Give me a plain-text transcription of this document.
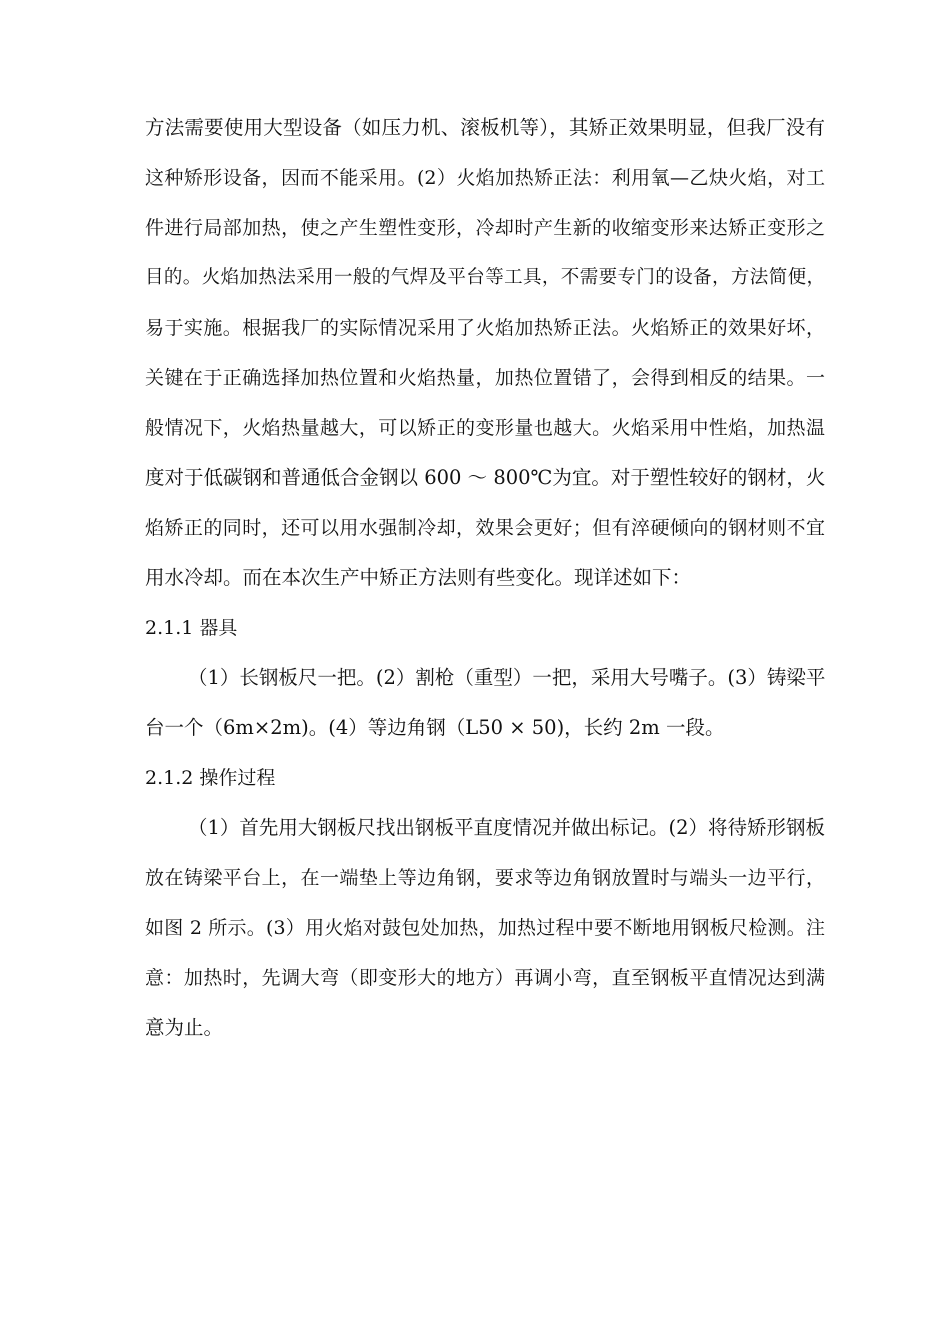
方法需要使用大型设备（如压力机、滚板机等），其矫正效果明显，但我厂没有
这种矫形设备，因而不能采用。(2）火焰加热矫正法：利用氧—乙炔火焰，对工
件进行局部加热，使之产生塑性变形，冷却时产生新的收缩变形来达矫正变形之
目的。火焰加热法采用一般的气焊及平台等工具，不需要专门的设备，方法简便，
易于实施。根据我厂的实际情况采用了火焰加热矫正法。火焰矫正的效果好坏，
关键在于正确选择加热位置和火焰热量，加热位置错了，会得到相反的结果。一
般情况下，火焰热量越大，可以矫正的变形量也越大。火焰采用中性焰，加热温
度对于低碳钢和普通低合金钢以 600 ～ 800℃为宜。对于塑性较好的钢材，火
焰矫正的同时，还可以用水强制冷却，效果会更好；但有淬硬倾向的钢材则不宜
用水冷却。而在本次生产中矫正方法则有些变化。现详述如下：
2.1.1 器具
（1）长钢板尺一把。(2）割枪（重型）一把，采用大号嘴子。(3）铸梁平
台一个（6m×2m)。(4）等边角钢（L50 × 50)，长约 2m 一段。
2.1.2 操作过程
（1）首先用大钢板尺找出钢板平直度情况并做出标记。(2）将待矫形钢板
放在铸梁平台上，在一端垫上等边角钢，要求等边角钢放置时与端头一边平行，
如图 2 所示。(3）用火焰对鼓包处加热，加热过程中要不断地用钢板尺检测。注
意：加热时，先调大弯（即变形大的地方）再调小弯，直至钢板平直情况达到满
意为止。
